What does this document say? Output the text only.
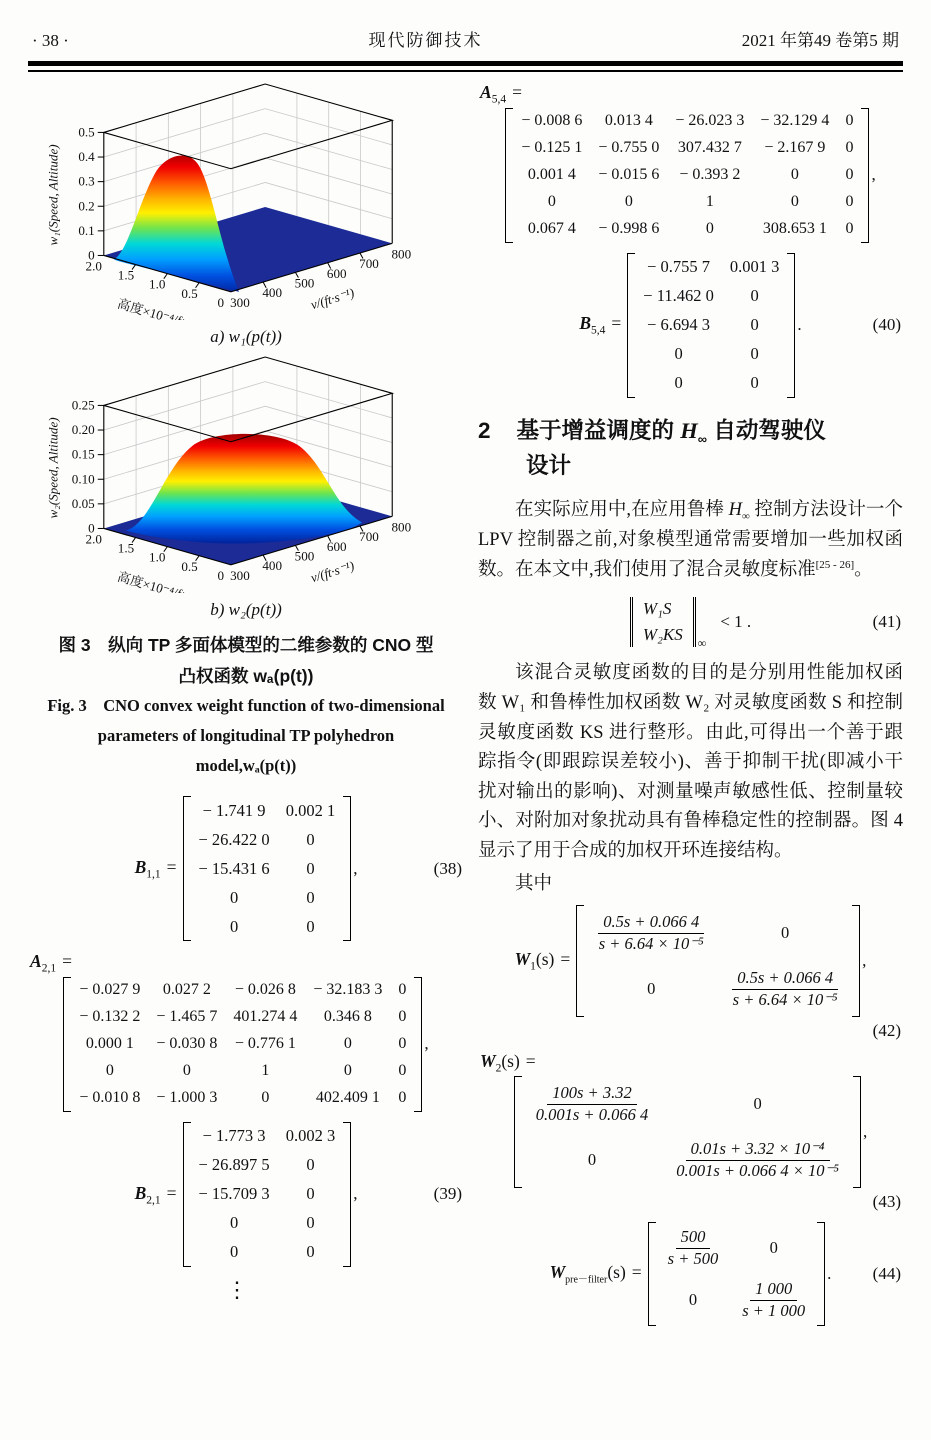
· 38 ·	现代防御技术	2021 年第49 卷第5 期
0.5
0.4
0.3
0.2
0.1
0
2.0
1.5
1.0
0.5
0 300
400
500
600
700
800
w₁(Speed, Altitude)
高度×10⁻⁴/ft	v/(ft·s⁻¹)
a) w₁(p(t))
0.25
0.20
0.15
0.10
0.05
0
2.0
1.5
1.0
0.5
0 300
400
500
600
700
800
w₂(Speed, Altitude)
高度×10⁻⁴/ft	v/(ft·s⁻¹)
b) w₂(p(t))
图 3　纵向 TP 多面体模型的二维参数的 CNO 型
凸权函数 wₐ(p(t))
Fig. 3　CNO convex weight function of two-dimensional
parameters of longitudinal TP polyhedron
model,wₐ(p(t))
$B_{1,1}$ =
− 1.741 9	0.002 1
− 26.422 0	0
− 15.431 6	0
0	0
0	0
,	(38)
$A_{2,1}$ =
− 0.027 9	0.027 2	− 0.026 8	− 32.183 3	0
− 0.132 2	− 1.465 7	401.274 4	0.346 8	0
0.000 1	− 0.030 8	− 0.776 1	0	0
0	0	1	0	0
− 0.010 8	− 1.000 3	0	402.409 1	0
,
$B_{2,1}$ =
− 1.773 3	0.002 3
− 26.897 5	0
− 15.709 3	0
0	0
0	0
,	(39)
⋮
$A_{5,4}$ =
− 0.008 6	0.013 4	− 26.023 3	− 32.129 4	0
− 0.125 1	− 0.755 0	307.432 7	− 2.167 9	0
0.001 4	− 0.015 6	− 0.393 2	0	0
0	0	1	0	0
0.067 4	− 0.998 6	0	308.653 1	0
,
$B_{5,4}$ =
− 0.755 7	0.001 3
− 11.462 0	0
− 6.694 3	0
0	0
0	0
.	(40)
2 基于增益调度的 $H_\infty$ 自动驾驶仪
设计

在实际应用中,在应用鲁棒 $H_\infty$ 控制方法设计一个 LPV 控制器之前,对象模型通常需要增加一些加权函数。在本文中,我们使用了混合灵敏度标准[25 - 26]。

W₁S
W₂KS ∞
< 1 .	(41)

该混合灵敏度函数的目的是分别用性能加权函数 W₁ 和鲁棒性加权函数 W₂ 对灵敏度函数 S 和控制灵敏度函数 KS 进行整形。由此,可得出一个善于跟踪指令(即跟踪误差较小)、善于抑制干扰(即减小干扰对输出的影响)、对测量噪声敏感性低、控制量较小、对附加对象扰动具有鲁棒稳定性的控制器。图 4 显示了用于合成的加权开环连接结构。

其中
$W_1(s)$ =
$\frac{0.5s + 0.066 4}{\text{s + 6.64 × 10⁻⁵}}$	0
0	$\frac{0.5s + 0.066 4}{\text{s + 6.64 × 10⁻⁵}}$
,
(42)
$W_2(s)$ =
$\frac{100s + 3.32}{0.001s + 0.066 4}$	0
0	$\frac{\text{0.01s + 3.32 × 10⁻⁴}}{\text{0.001s + 0.066 4 × 10⁻⁵}}$
,
(43)
$W_{pre-filter}(s)$ =
$\frac{500}{s + 500}$	0
0	$\frac{1 000}{s + 1 000}$
. (44)
